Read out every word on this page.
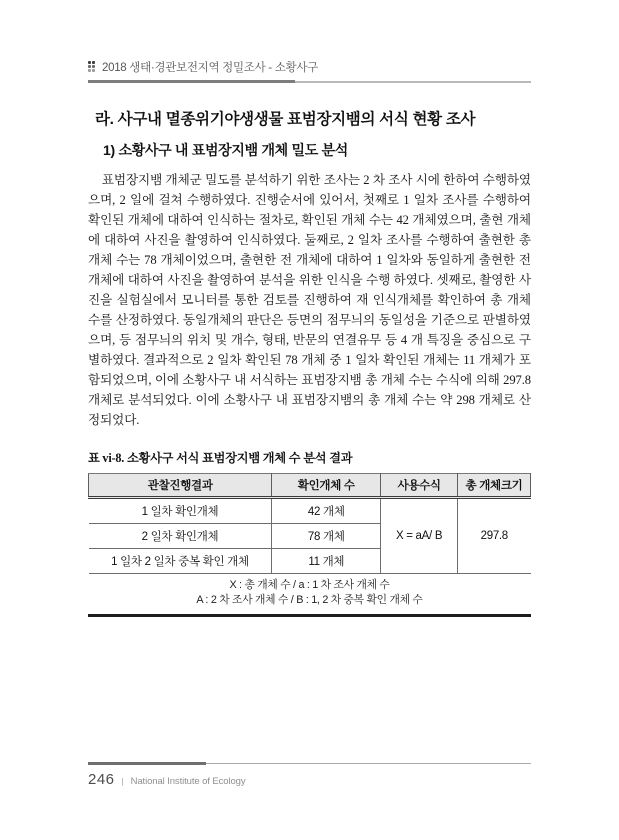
2018 생태·경관보전지역 정밀조사 - 소황사구
라. 사구내 멸종위기야생생물 표범장지뱀의 서식 현황 조사
1) 소황사구 내 표범장지뱀 개체 밀도 분석

표범장지뱀 개체군 밀도를 분석하기 위한 조사는 2 차 조사 시에 한하여 수행하였으며, 2 일에 걸쳐 수행하였다. 진행순서에 있어서, 첫째로 1 일차 조사를 수행하여 확인된 개체에 대하여 인식하는 절차로, 확인된 개체 수는 42 개체였으며, 출현 개체에 대하여 사진을 촬영하여 인식하였다. 둘째로, 2 일차 조사를 수행하여 출현한 총 개체 수는 78 개체이었으며, 출현한 전 개체에 대하여 1 일차와 동일하게 출현한 전 개체에 대하여 사진을 촬영하여 분석을 위한 인식을 수행 하였다. 셋째로, 촬영한 사진을 실험실에서 모니터를 통한 검토를 진행하여 재 인식개체를 확인하여 총 개체 수를 산정하였다. 동일개체의 판단은 등면의 점무늬의 동일성을 기준으로 판별하였으며, 등 점무늬의 위치 및 개수, 형태, 반문의 연결유무 등 4 개 특징을 중심으로 구별하였다. 결과적으로 2 일차 확인된 78 개체 중 1 일차 확인된 개체는 11 개체가 포함되었으며, 이에 소황사구 내 서식하는 표범장지뱀 총 개체 수는 수식에 의해 297.8 개체로 분석되었다. 이에 소황사구 내 표범장지뱀의 총 개체 수는 약 298 개체로 산정되었다.

표 vi-8. 소황사구 서식 표범장지뱀 개체 수 분석 결과
관찰진행결과	확인개체 수	사용수식	총 개체크기
1 일차 확인개체	42 개체	X = aA/ B	297.8
2 일차 확인개체	78 개체		
1 일차 2 일차 중복 확인 개체	11 개체		
X : 총 개체 수 / a : 1 차 조사 개체 수
A : 2 차 조사 개체 수 / B : 1, 2 차 중복 확인 개체 수
246 | National Institute of Ecology
